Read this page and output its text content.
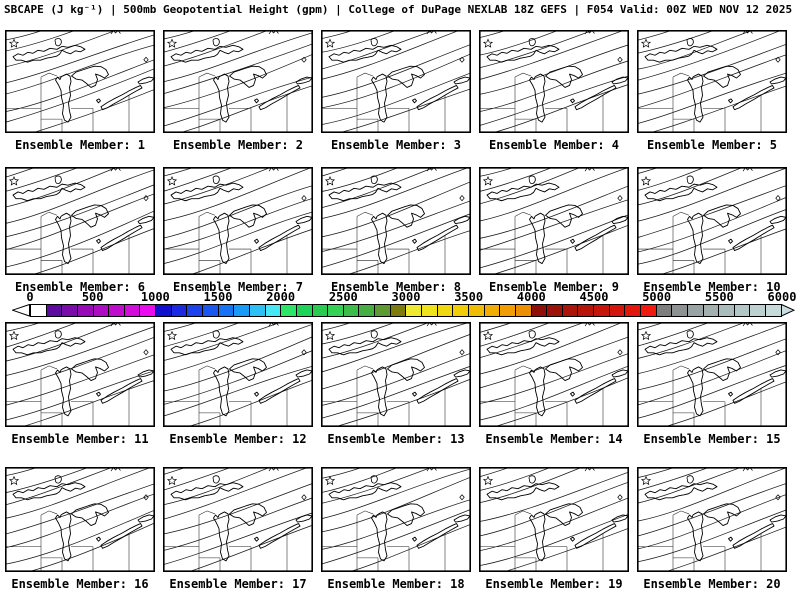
SBCAPE (J kg⁻¹) | 500mb Geopotential Height (gpm) | College of DuPage NEXLAB 18Z GEFS | F054 Valid: 00Z WED NOV 12 2025
Ensemble Member: 1	Ensemble Member: 2	Ensemble Member: 3	Ensemble Member: 4	Ensemble Member: 5
Ensemble Member: 6	Ensemble Member: 7	Ensemble Member: 8	Ensemble Member: 9	Ensemble Member: 10
0	500	1000	1500	2000	2500	3000	3500	4000	4500	5000	5500	6000
Ensemble Member: 11	Ensemble Member: 12	Ensemble Member: 13	Ensemble Member: 14	Ensemble Member: 15
Ensemble Member: 16	Ensemble Member: 17	Ensemble Member: 18	Ensemble Member: 19	Ensemble Member: 20
